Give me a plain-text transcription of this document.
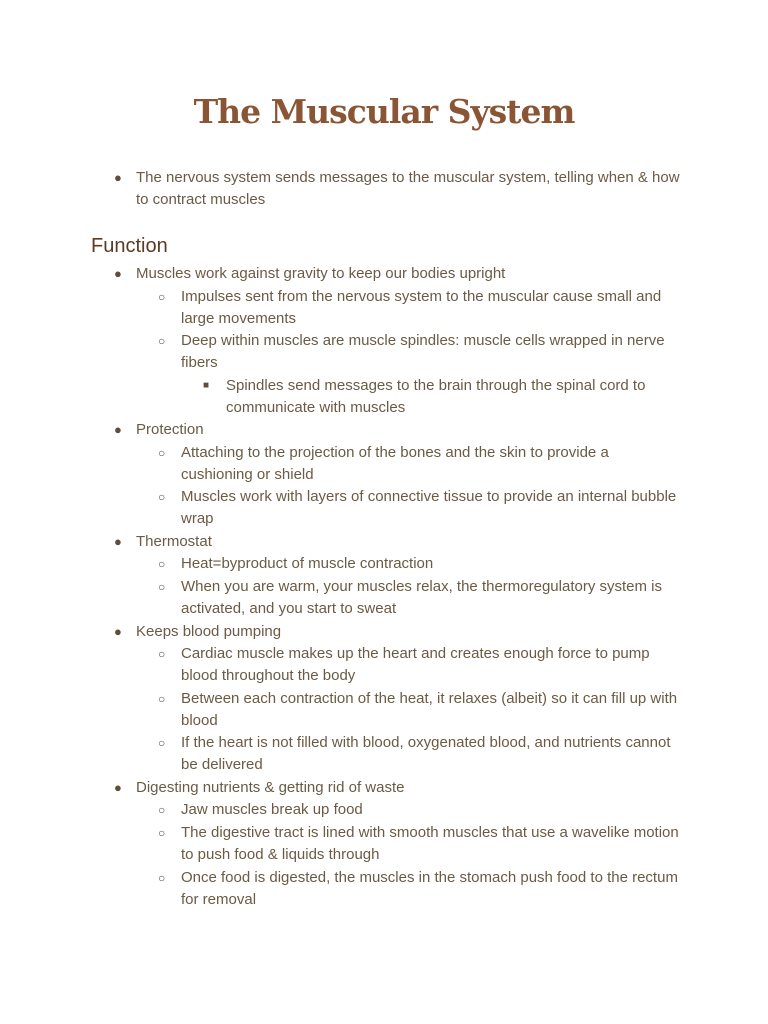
The Muscular System
● The nervous system sends messages to the muscular system, telling when & how to contract muscles
Function
● Muscles work against gravity to keep our bodies upright
○ Impulses sent from the nervous system to the muscular cause small and large movements
○ Deep within muscles are muscle spindles: muscle cells wrapped in nerve fibers
■ Spindles send messages to the brain through the spinal cord to communicate with muscles
● Protection
○ Attaching to the projection of the bones and the skin to provide a cushioning or shield
○ Muscles work with layers of connective tissue to provide an internal bubble wrap
● Thermostat
○ Heat=byproduct of muscle contraction
○ When you are warm, your muscles relax, the thermoregulatory system is activated, and you start to sweat
● Keeps blood pumping
○ Cardiac muscle makes up the heart and creates enough force to pump blood throughout the body
○ Between each contraction of the heat, it relaxes (albeit) so it can fill up with blood
○ If the heart is not filled with blood, oxygenated blood, and nutrients cannot be delivered
● Digesting nutrients & getting rid of waste
○ Jaw muscles break up food
○ The digestive tract is lined with smooth muscles that use a wavelike motion to push food & liquids through
○ Once food is digested, the muscles in the stomach push food to the rectum for removal
